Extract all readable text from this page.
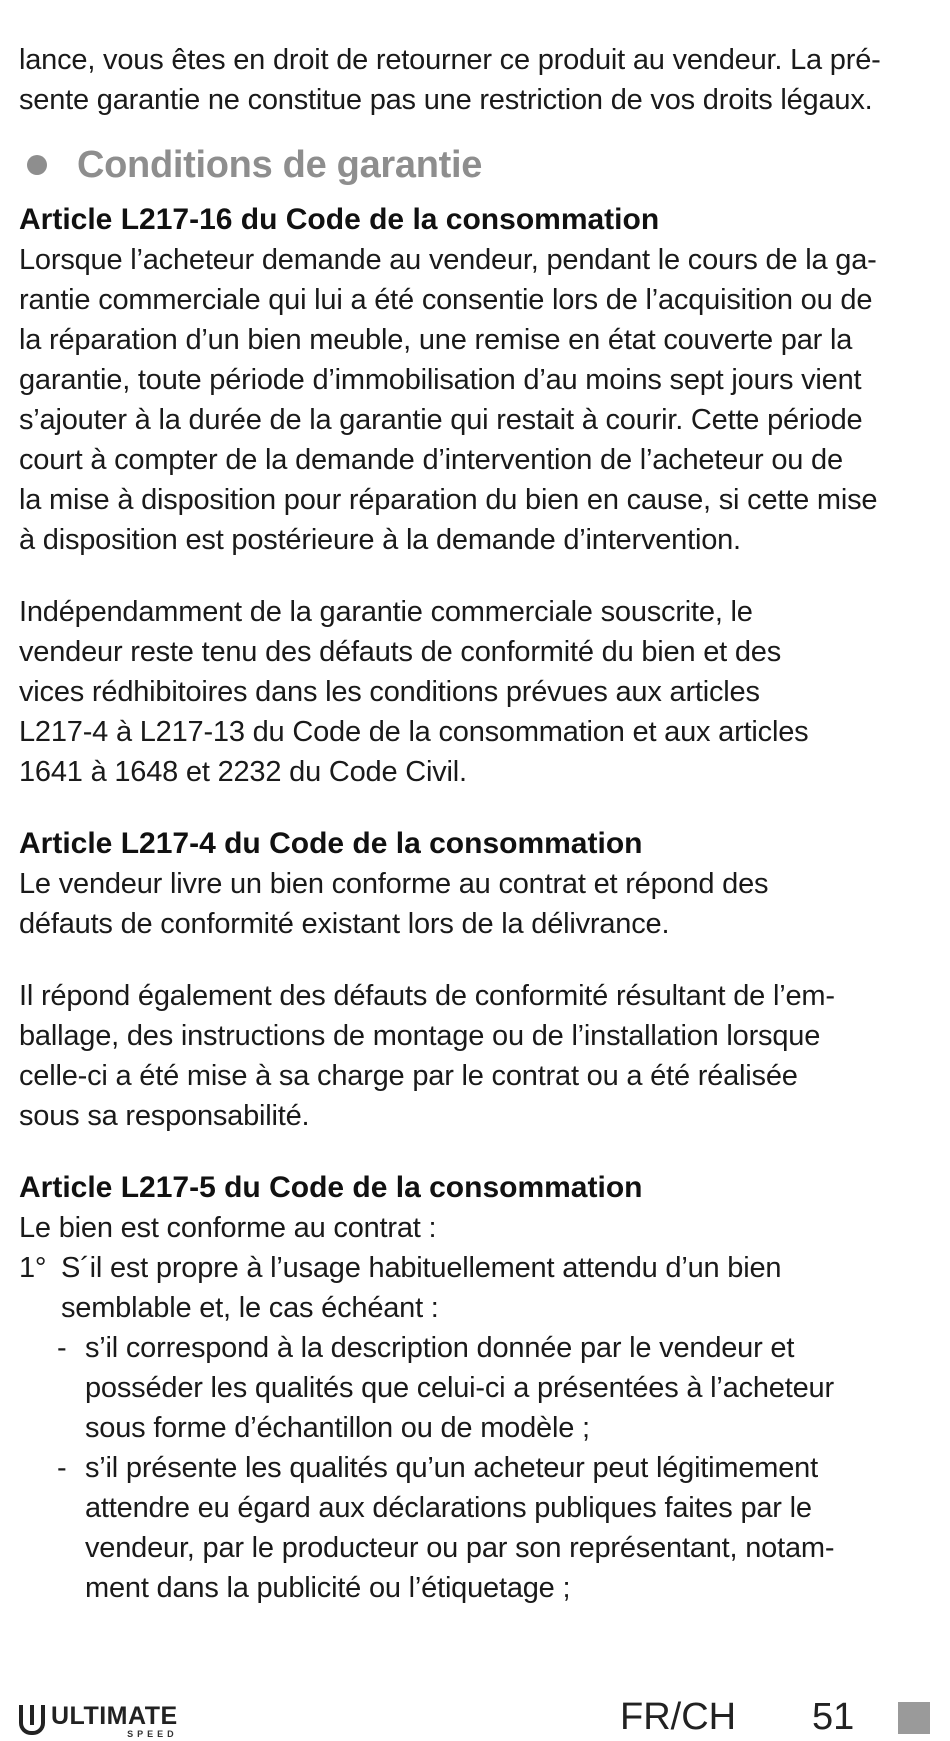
lance, vous êtes en droit de retourner ce produit au vendeur. La pré-

sente garantie ne constitue pas une restriction de vos droits légaux.

Conditions de garantie
Article L217-16 du Code de la consommation

Lorsque l’acheteur demande au vendeur, pendant le cours de la ga-

rantie commerciale qui lui a été consentie lors de l’acquisition ou de

la réparation d’un bien meuble, une remise en état couverte par la

garantie, toute période d’immobilisation d’au moins sept jours vient

s’ajouter à la durée de la garantie qui restait à courir. Cette période

court à compter de la demande d’intervention de l’acheteur ou de

la mise à disposition pour réparation du bien en cause, si cette mise

à disposition est postérieure à la demande d’intervention.

Indépendamment de la garantie commerciale souscrite, le

vendeur reste tenu des défauts de conformité du bien et des

vices rédhibitoires dans les conditions prévues aux articles

L217-4 à L217-13 du Code de la consommation et aux articles

1641 à 1648 et 2232 du Code Civil.

Article L217-4 du Code de la consommation

Le vendeur livre un bien conforme au contrat et répond des

défauts de conformité existant lors de la délivrance.

Il répond également des défauts de conformité résultant de l’em-

ballage, des instructions de montage ou de l’installation lorsque

celle-ci a été mise à sa charge par le contrat ou a été réalisée

sous sa responsabilité.

Article L217-5 du Code de la consommation

Le bien est conforme au contrat :

1° S´il est propre à l’usage habituellement attendu d’un bien

semblable et, le cas échéant :

- s’il correspond à la description donnée par le vendeur et

posséder les qualités que celui-ci a présentées à l’acheteur

sous forme d’échantillon ou de modèle ;

- s’il présente les qualités qu’un acheteur peut légitimement

attendre eu égard aux déclarations publiques faites par le

vendeur, par le producteur ou par son représentant, notam-

ment dans la publicité ou l’étiquetage ;

ULTIMATE
SPEED	FR/CH 51
